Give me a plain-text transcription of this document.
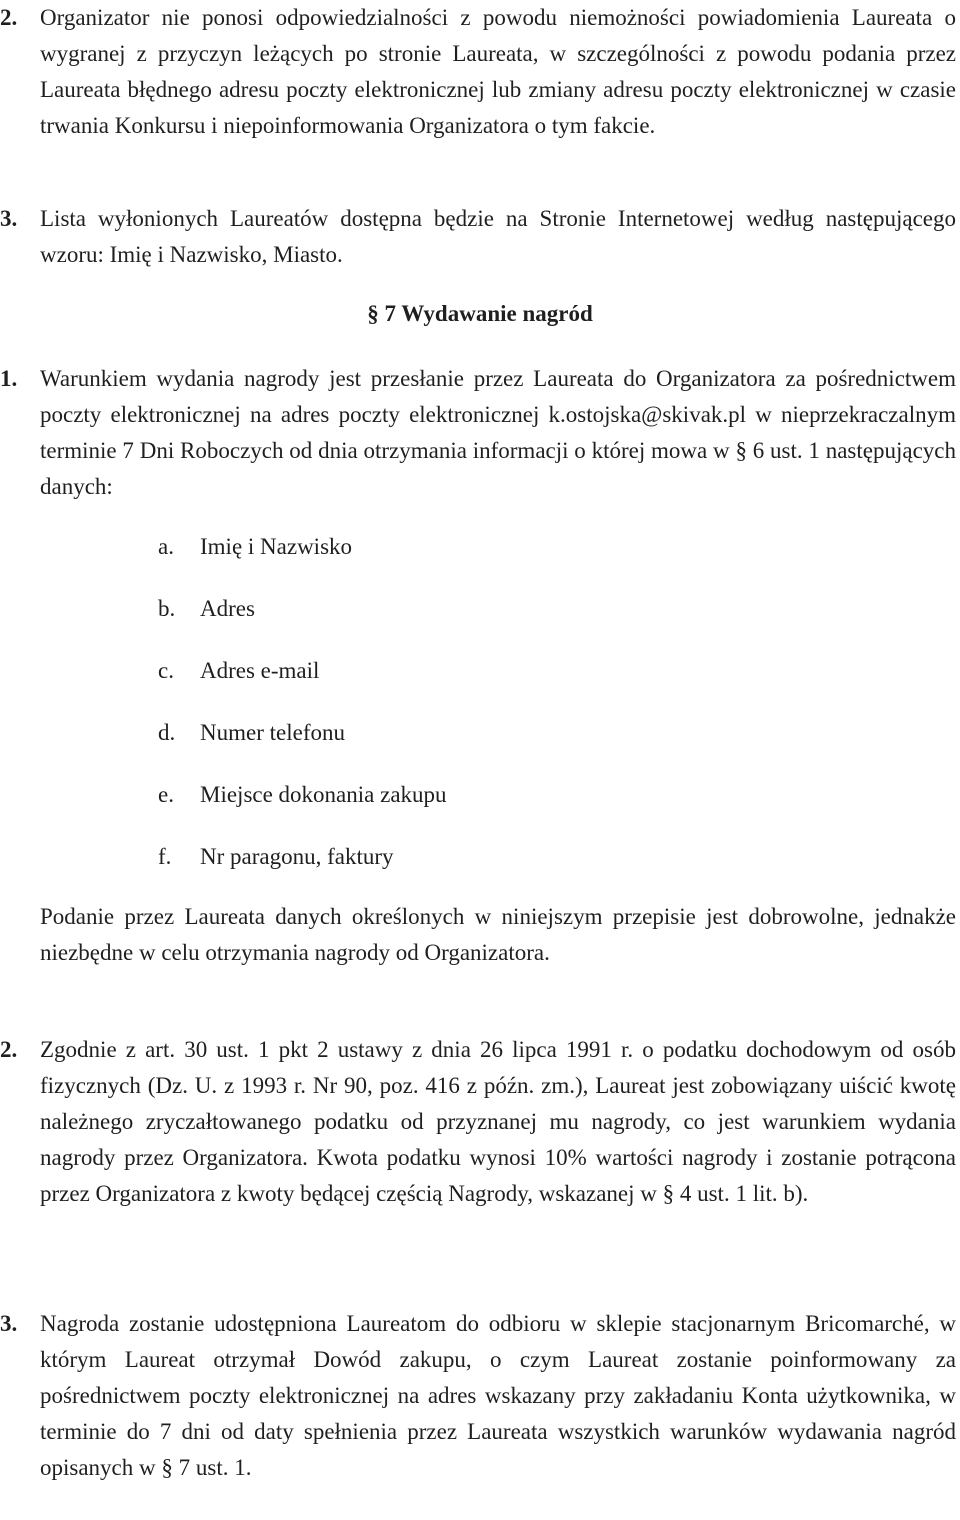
2. Organizator nie ponosi odpowiedzialności z powodu niemożności powiadomienia Laureata o wygranej z przyczyn leżących po stronie Laureata, w szczególności z powodu podania przez Laureata błędnego adresu poczty elektronicznej lub zmiany adresu poczty elektronicznej w czasie trwania Konkursu i niepoinformowania Organizatora o tym fakcie.
3. Lista wyłonionych Laureatów dostępna będzie na Stronie Internetowej według następującego wzoru: Imię i Nazwisko, Miasto.
§ 7 Wydawanie nagród
1. Warunkiem wydania nagrody jest przesłanie przez Laureata do Organizatora za pośrednictwem poczty elektronicznej na adres poczty elektronicznej k.ostojska@skivak.pl w nieprzekraczalnym terminie 7 Dni Roboczych od dnia otrzymania informacji o której mowa w § 6 ust. 1 następujących danych:
a.	Imię i Nazwisko
b.	Adres
c.	Adres e-mail
d.	Numer telefonu
e.	Miejsce dokonania zakupu
f.	Nr paragonu, faktury
Podanie przez Laureata danych określonych w niniejszym przepisie jest dobrowolne, jednakże niezbędne w celu otrzymania nagrody od Organizatora.
2. Zgodnie z art. 30 ust. 1 pkt 2 ustawy z dnia 26 lipca 1991 r. o podatku dochodowym od osób fizycznych (Dz. U. z 1993 r. Nr 90, poz. 416 z późn. zm.), Laureat jest zobowiązany uiścić kwotę należnego zryczałtowanego podatku od przyznanej mu nagrody, co jest warunkiem wydania nagrody przez Organizatora. Kwota podatku wynosi 10% wartości nagrody i zostanie potrącona przez Organizatora z kwoty będącej częścią Nagrody, wskazanej w § 4 ust. 1 lit. b).
3. Nagroda zostanie udostępniona Laureatom do odbioru w sklepie stacjonarnym Bricomarché, w którym Laureat otrzymał Dowód zakupu, o czym Laureat zostanie poinformowany za pośrednictwem poczty elektronicznej na adres wskazany przy zakładaniu Konta użytkownika, w terminie do 7 dni od daty spełnienia przez Laureata wszystkich warunków wydawania nagród opisanych w § 7 ust. 1.
